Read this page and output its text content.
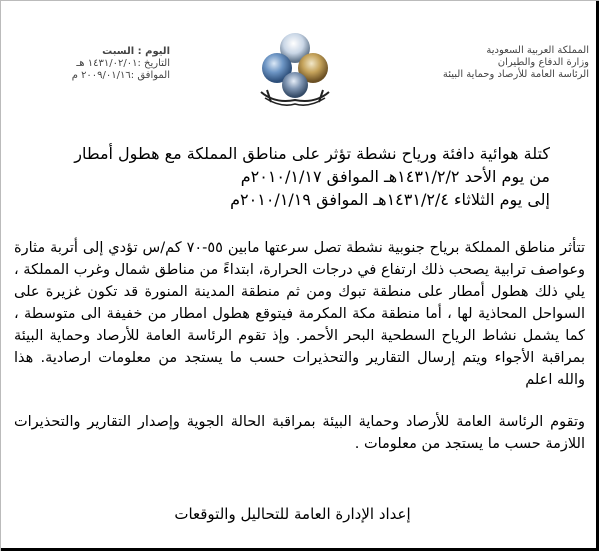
المملكة العربية السعودية
وزارة الدفاع والطيران
الرئاسة العامة للأرصاد وحماية البيئة
اليوم : السبت
التاريخ :١٤٣١/٠٢/٠١ هـ
الموافق :٢٠٠٩/٠١/١٦ م
كتلة هوائية دافئة ورياح نشطة تؤثر على مناطق المملكة مع هطول أمطار
من يوم الأحد ١٤٣١/٢/٢هـ الموافق ٢٠١٠/١/١٧م
إلى يوم الثلاثاء ١٤٣١/٢/٤هـ الموافق ٢٠١٠/١/١٩م

تتأثر مناطق المملكة برياح جنوبية نشطة تصل سرعتها مابين ٥٥-٧٠ كم/س تؤدي إلى أتربة مثارة وعواصف ترابية يصحب ذلك ارتفاع في درجات الحرارة، ابتداءً من مناطق شمال وغرب المملكة ، يلي ذلك هطول أمطار على منطقة تبوك ومن ثم منطقة المدينة المنورة قد تكون غزيرة على السواحل المحاذية لها ، أما منطقة مكة المكرمة فيتوقع هطول امطار من خفيفة الى متوسطة ، كما يشمل نشاط الرياح السطحية البحر الأحمر. وإذ تقوم الرئاسة العامة للأرصاد وحماية البيئة بمراقبة الأجواء ويتم إرسال التقارير والتحذيرات حسب ما يستجد من معلومات ارصادية. هذا والله اعلم

وتقوم الرئاسة العامة للأرصاد وحماية البيئة بمراقبة الحالة الجوية وإصدار التقارير والتحذيرات اللازمة حسب ما يستجد من معلومات .

إعداد الإدارة العامة للتحاليل والتوقعات
